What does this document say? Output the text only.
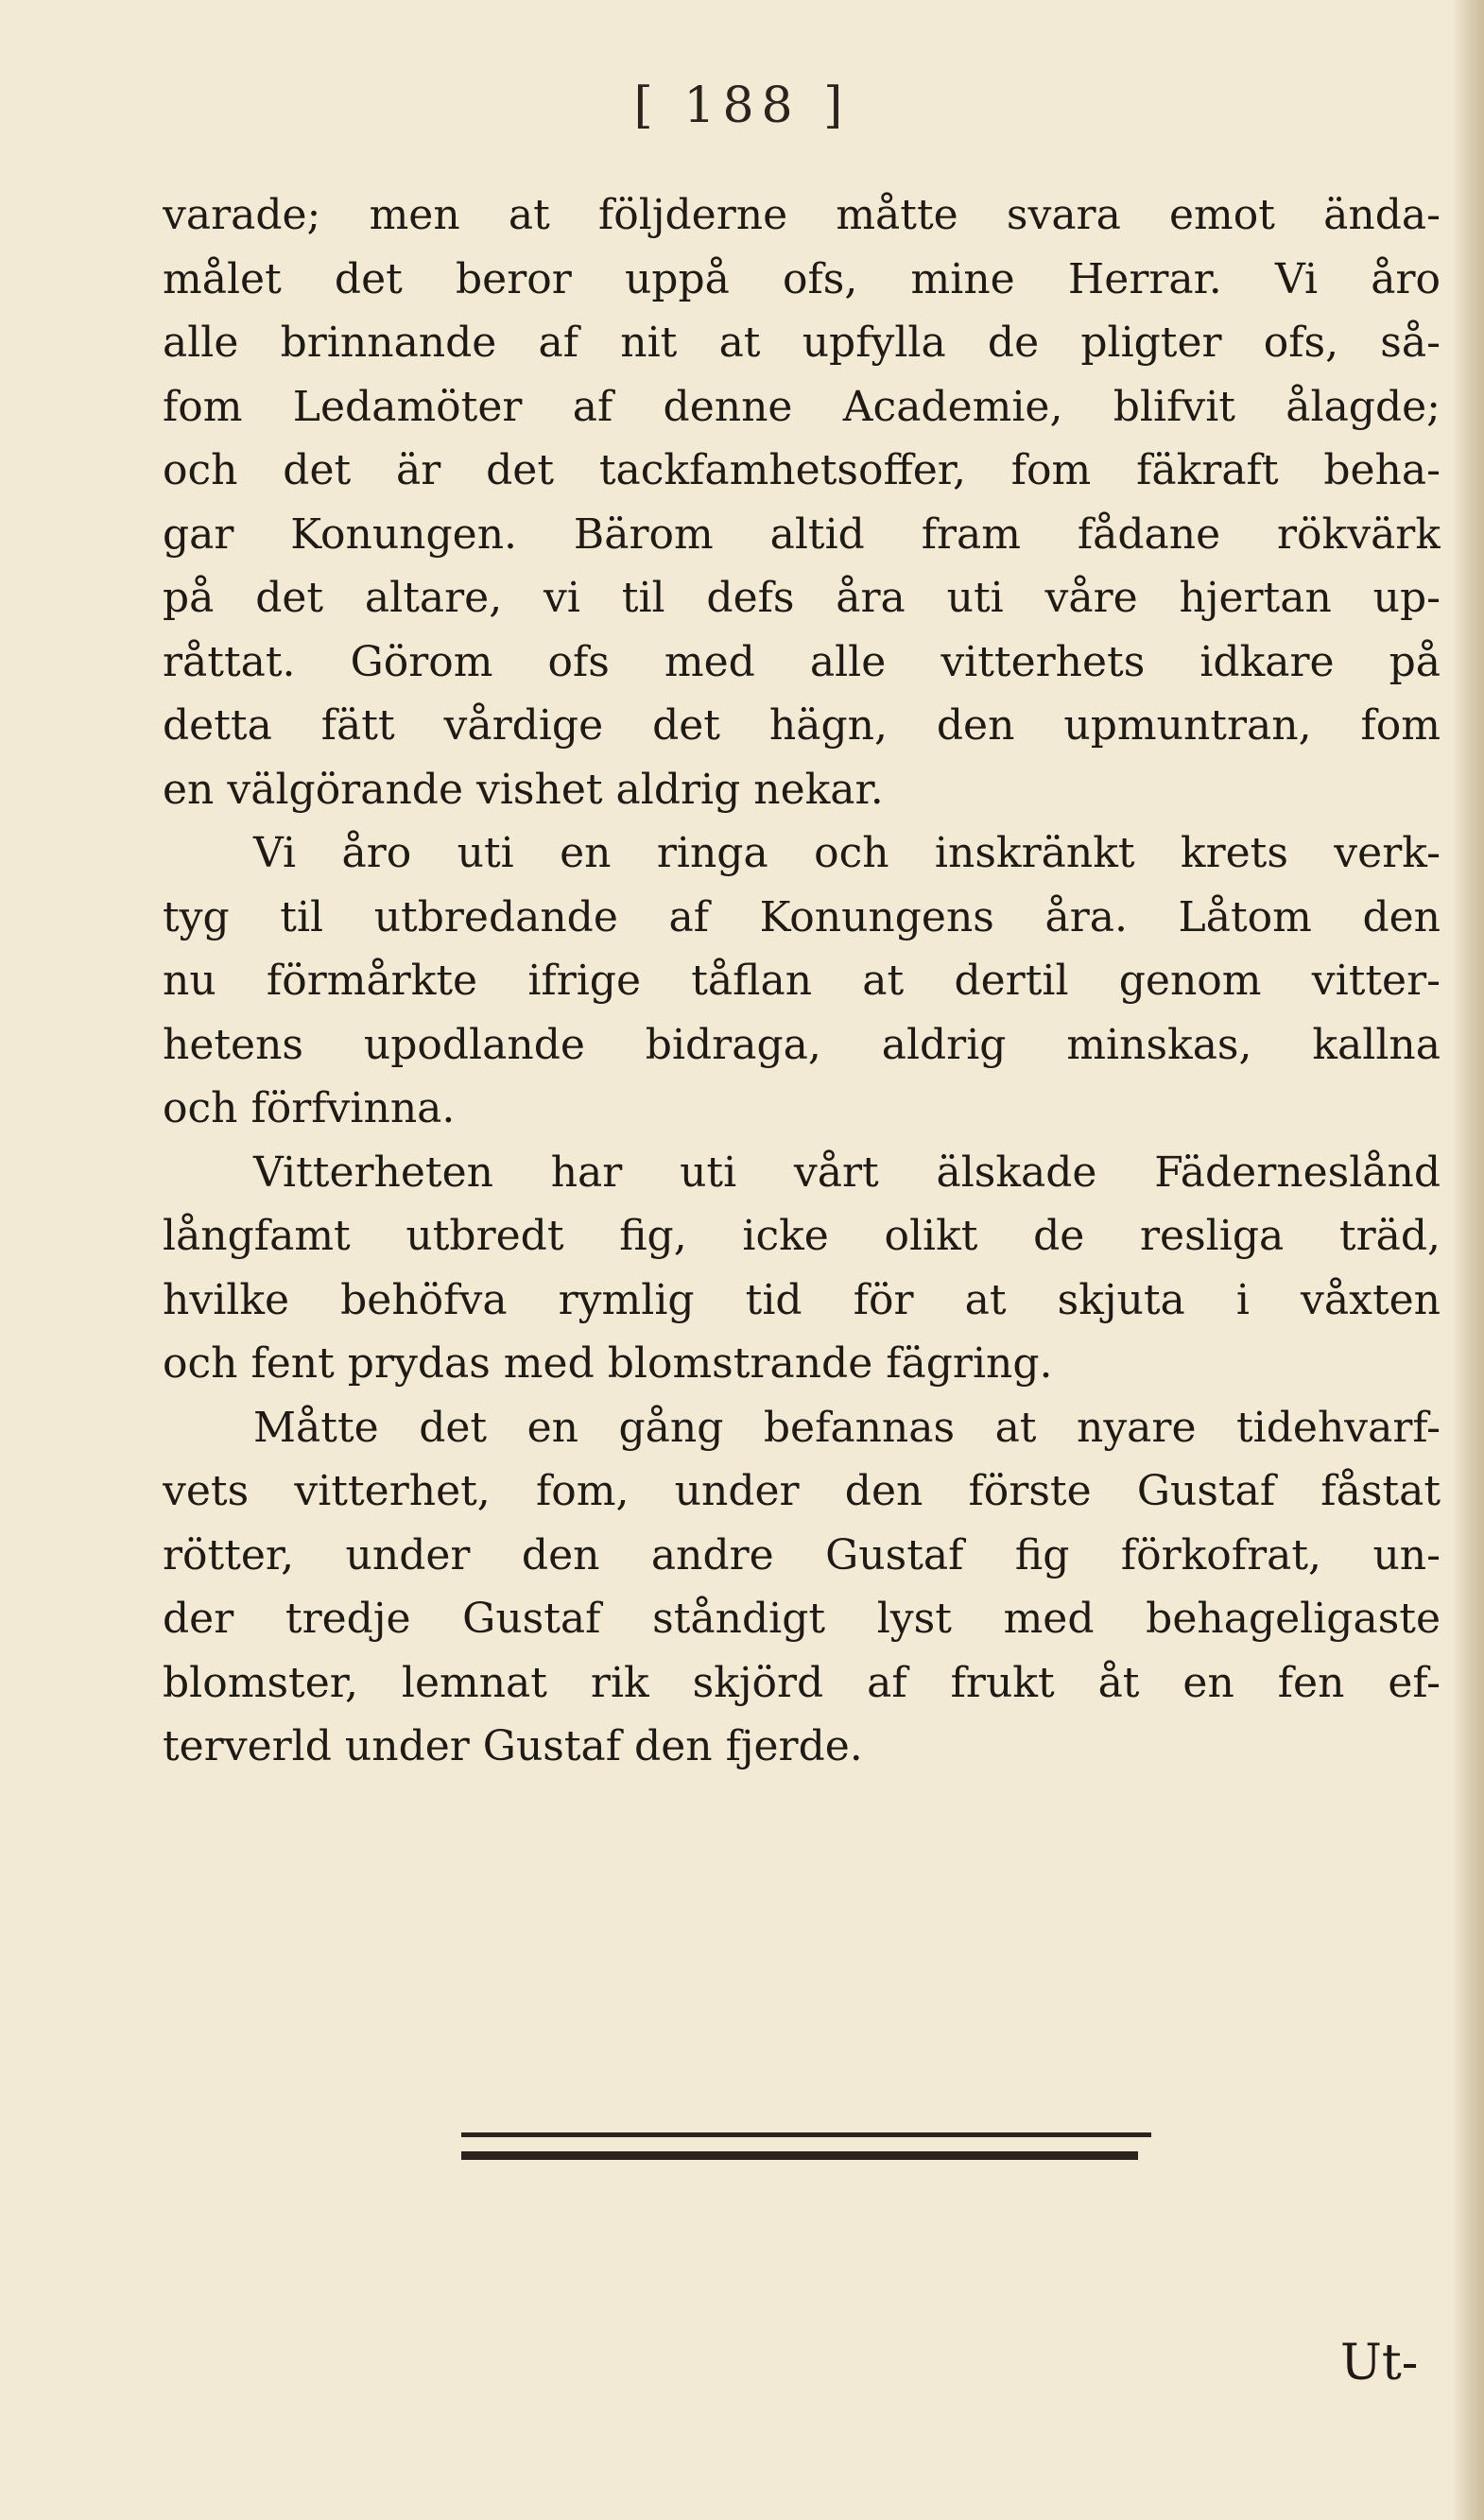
[ 188 ]
varade; men at följderne måtte svara emot ända-
målet det beror uppå ofs, mine Herrar. Vi åro
alle brinnande af nit at upfylla de pligter ofs, så-
fom Ledamöter af denne Academie, blifvit ålagde;
och det är det tackfamhetsoffer, fom fäkraft beha-
gar Konungen. Bärom altid fram fådane rökvärk
på det altare, vi til defs åra uti våre hjertan up-
råttat. Görom ofs med alle vitterhets idkare på
detta fätt vårdige det hägn, den upmuntran, fom
en välgörande vishet aldrig nekar.
Vi åro uti en ringa och inskränkt krets verk-
tyg til utbredande af Konungens åra. Låtom den
nu förmårkte ifrige tåflan at dertil genom vitter-
hetens upodlande bidraga, aldrig minskas, kallna
och förfvinna.
Vitterheten har uti vårt älskade Fäderneslånd
långfamt utbredt fig, icke olikt de resliga träd,
hvilke behöfva rymlig tid för at skjuta i våxten
och fent prydas med blomstrande fägring.
Måtte det en gång befannas at nyare tidehvarf-
vets vitterhet, fom, under den förste Gustaf fåstat
rötter, under den andre Gustaf fig förkofrat, un-
der tredje Gustaf ståndigt lyst med behageligaste
blomster, lemnat rik skjörd af frukt åt en fen ef-
terverld under Gustaf den fjerde.
Ut-
